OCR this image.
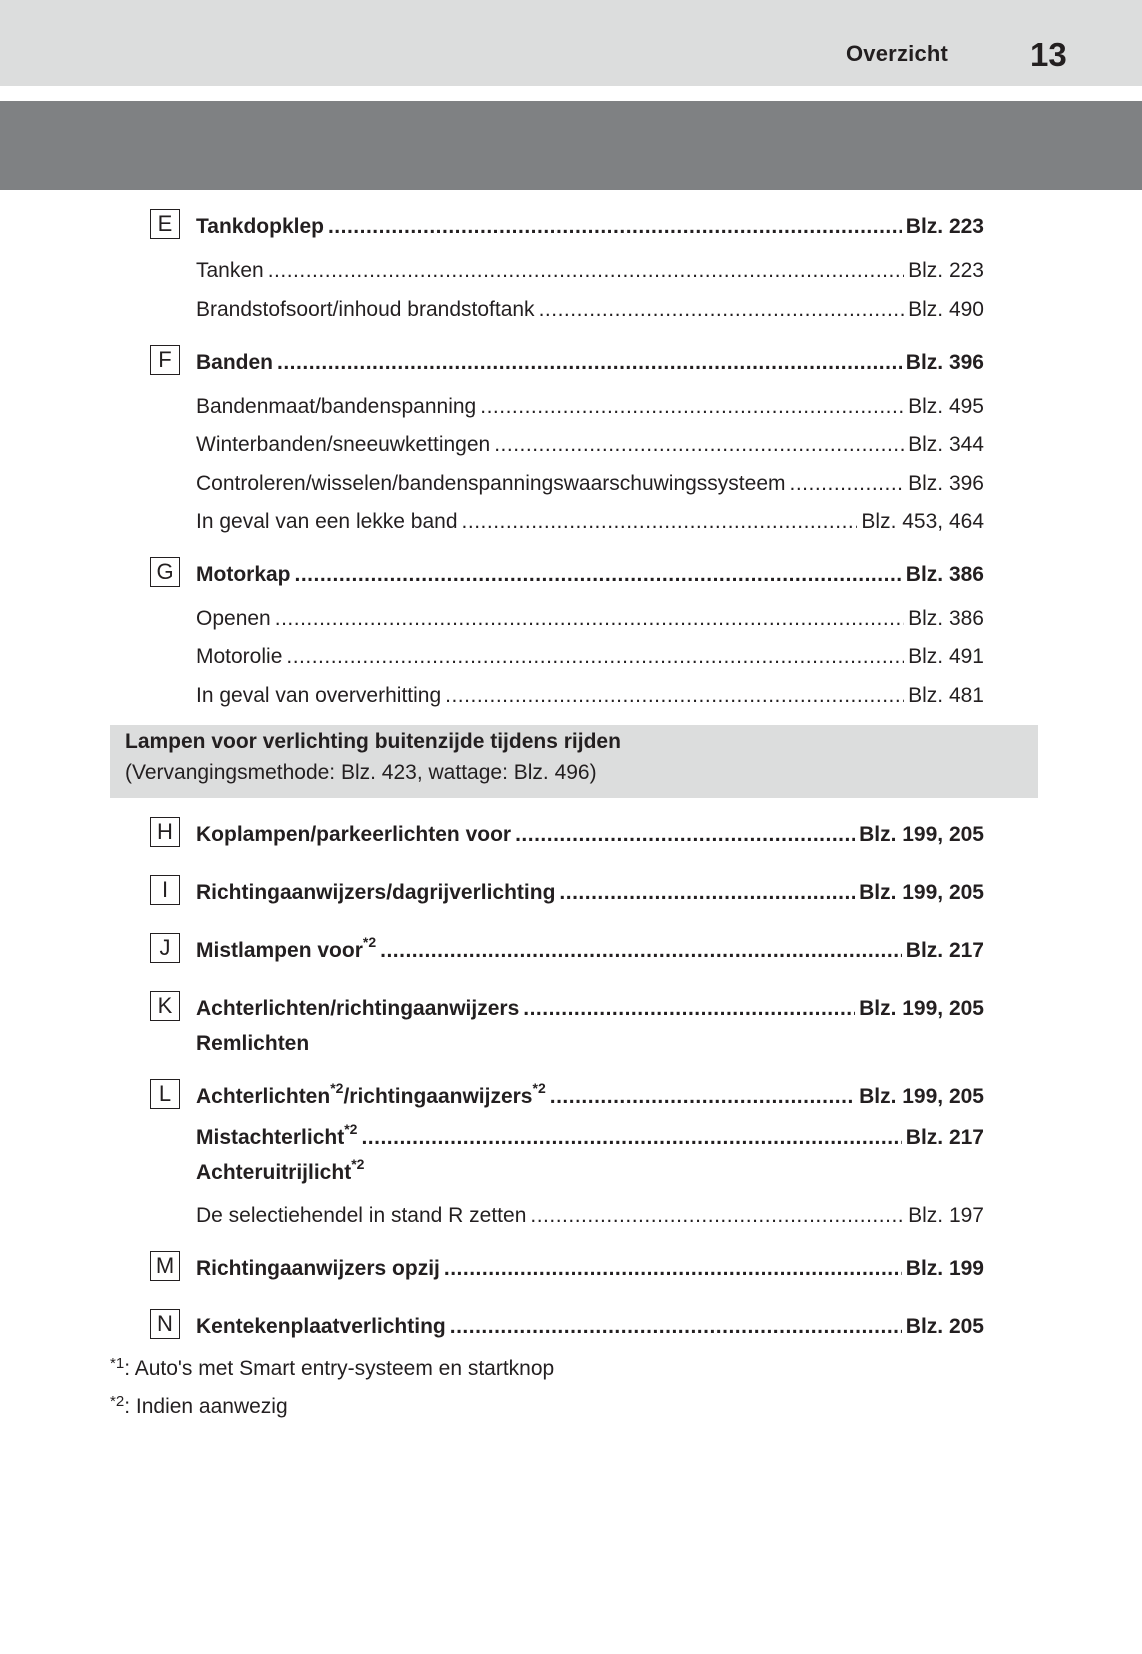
Overzicht 13
E	Tankdopklep .....	Blz. 223
Tanken .....	Blz. 223
Brandstofsoort/inhoud brandstoftank .....	Blz. 490
F	Banden .....	Blz. 396
Bandenmaat/bandenspanning .....	Blz. 495
Winterbanden/sneeuwkettingen .....	Blz. 344
Controleren/wisselen/bandenspanningswaarschuwingssysteem .....	Blz. 396
In geval van een lekke band .....	Blz. 453, 464
G	Motorkap .....	Blz. 386
Openen .....	Blz. 386
Motorolie .....	Blz. 491
In geval van oververhitting .....	Blz. 481
Lampen voor verlichting buitenzijde tijdens rijden
(Vervangingsmethode: Blz. 423, wattage: Blz. 496)
H	Koplampen/parkeerlichten voor .....	Blz. 199, 205
I	Richtingaanwijzers/dagrijverlichting .....	Blz. 199, 205
J	Mistlampen voor$^{*2}$ .....	Blz. 217
K	Achterlichten/richtingaanwijzers .....	Blz. 199, 205
Remlichten
L	Achterlichten$^{*2}$/richtingaanwijzers$^{*2}$ .....	Blz. 199, 205
Mistachterlicht$^{*2}$ .....	Blz. 217
Achteruitrijlicht$^{*2}$
De selectiehendel in stand R zetten .....	Blz. 197
M Richtingaanwijzers opzij .....	Blz. 199
N	Kentekenplaatverlichting .....	Blz. 205
$^{*1}$: Auto's met Smart entry-systeem en startknop
$^{*2}$: Indien aanwezig
